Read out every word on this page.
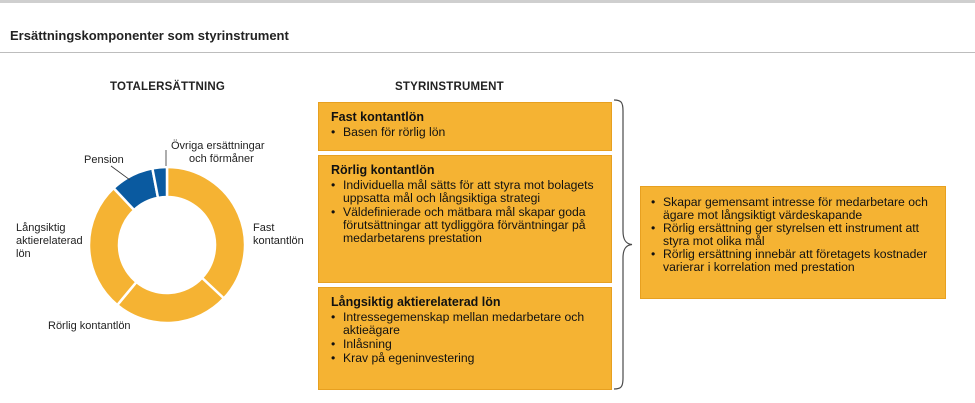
Ersättningskomponenter som styrinstrument
TOTALERSÄTTNING	STYRINSTRUMENT
Fast
kontantlön
Rörlig kontantlön
Långsiktig
aktierelaterad
lön
Pension
Övriga ersättningar
och förmåner
Fast kontantlön
• Basen för rörlig lön
Rörlig kontantlön
• Individuella mål sätts för att styra mot bolagets uppsatta mål och långsiktiga strategi
• Väldefinierade och mätbara mål skapar goda förutsättningar att tydliggöra förväntningar på medarbetarens prestation
Långsiktig aktierelaterad lön
• Intressegemenskap mellan medarbetare och aktieägare
• Inlåsning
• Krav på egeninvestering
• Skapar gemensamt intresse för medarbetare och ägare mot långsiktigt värdeskapande
• Rörlig ersättning ger styrelsen ett instrument att styra mot olika mål
• Rörlig ersättning innebär att företagets kostnader varierar i korrelation med prestation
